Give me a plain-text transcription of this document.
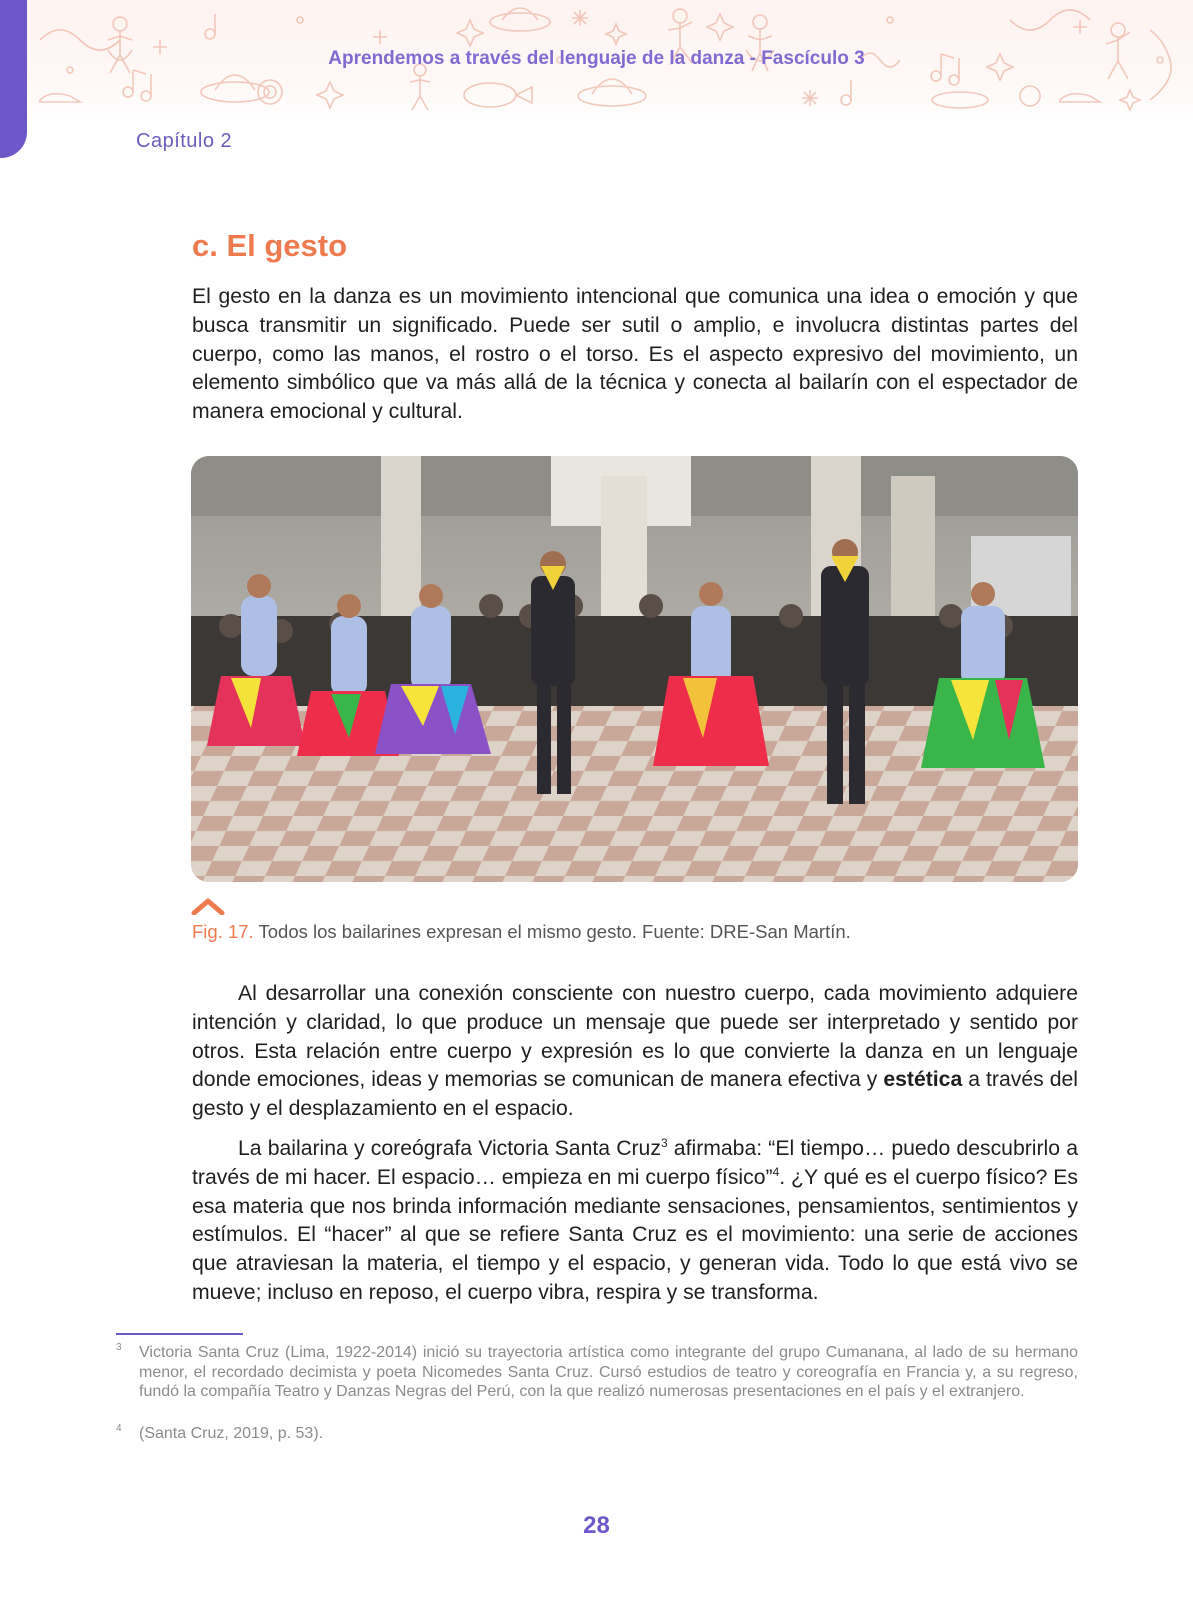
Aprendemos a través del lenguaje de la danza - Fascículo 3
Capítulo 2
c. El gesto

El gesto en la danza es un movimiento intencional que comunica una idea o emoción y que busca transmitir un significado. Puede ser sutil o amplio, e involucra distintas partes del cuerpo, como las manos, el rostro o el torso. Es el aspecto expresivo del movimiento, un elemento simbólico que va más allá de la técnica y conecta al bailarín con el espectador de manera emocional y cultural.

Fig. 17. Todos los bailarines expresan el mismo gesto. Fuente: DRE-San Martín.

Al desarrollar una conexión consciente con nuestro cuerpo, cada movimiento adquiere intención y claridad, lo que produce un mensaje que puede ser interpretado y sentido por otros. Esta relación entre cuerpo y expresión es lo que convierte la danza en un lenguaje donde emociones, ideas y memorias se comunican de manera efectiva y estética a través del gesto y el desplazamiento en el espacio.

La bailarina y coreógrafa Victoria Santa Cruz$^3$ afirmaba: “El tiempo… puedo descubrirlo a través de mi hacer. El espacio… empieza en mi cuerpo físico”$^4$. ¿Y qué es el cuerpo físico? Es esa materia que nos brinda información mediante sensaciones, pensamientos, sentimientos y estímulos. El “hacer” al que se refiere Santa Cruz es el movimiento: una serie de acciones que atraviesan la materia, el tiempo y el espacio, y generan vida. Todo lo que está vivo se mueve; incluso en reposo, el cuerpo vibra, respira y se transforma.

3 Victoria Santa Cruz (Lima, 1922-2014) inició su trayectoria artística como integrante del grupo Cumanana, al lado de su hermano menor, el recordado decimista y poeta Nicomedes Santa Cruz. Cursó estudios de teatro y coreografía en Francia y, a su regreso, fundó la compañía Teatro y Danzas Negras del Perú, con la que realizó numerosas presentaciones en el país y el extranjero.

4 (Santa Cruz, 2019, p. 53).

28
